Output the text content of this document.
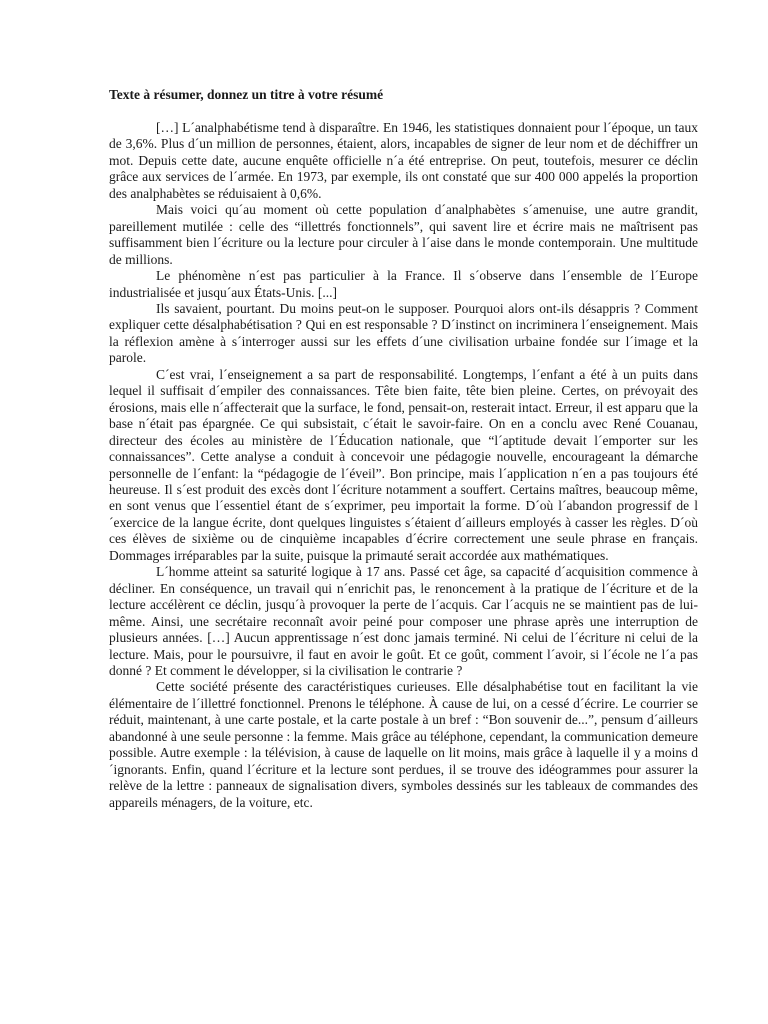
Texte à résumer, donnez un titre à votre résumé

[…] L´analphabétisme tend à disparaître. En 1946, les statistiques donnaient pour l´époque, un taux de 3,6%. Plus d´un million de personnes, étaient, alors, incapables de signer de leur nom et de déchiffrer un mot. Depuis cette date, aucune enquête officielle n´a été entreprise. On peut, toutefois, mesurer ce déclin grâce aux services de l´armée. En 1973, par exemple, ils ont constaté que sur 400 000 appelés la proportion des analphabètes se réduisaient à 0,6%.

Mais voici qu´au moment où cette population d´analphabètes s´amenuise, une autre grandit, pareillement mutilée : celle des “illettrés fonctionnels”, qui savent lire et écrire mais ne maîtrisent pas suffisamment bien l´écriture ou la lecture pour circuler à l´aise dans le monde contemporain. Une multitude de millions.

Le phénomène n´est pas particulier à la France. Il s´observe dans l´ensemble de l´Europe industrialisée et jusqu´aux États-Unis. [...]

Ils savaient, pourtant. Du moins peut-on le supposer. Pourquoi alors ont-ils désappris ? Comment expliquer cette désalphabétisation ? Qui en est responsable ? D´instinct on incriminera l´enseignement. Mais la réflexion amène à s´interroger aussi sur les effets d´une civilisation urbaine fondée sur l´image et la parole.

C´est vrai, l´enseignement a sa part de responsabilité. Longtemps, l´enfant a été à un puits dans lequel il suffisait d´empiler des connaissances. Tête bien faite, tête bien pleine. Certes, on prévoyait des érosions, mais elle n´affecterait que la surface, le fond, pensait-on, resterait intact. Erreur, il est apparu que la base n´était pas épargnée. Ce qui subsistait, c´était le savoir-faire. On en a conclu avec René Couanau, directeur des écoles au ministère de l´Éducation nationale, que “l´aptitude devait l´emporter sur les connaissances”. Cette analyse a conduit à concevoir une pédagogie nouvelle, encourageant la démarche personnelle de l´enfant: la “pédagogie de l´éveil”. Bon principe, mais l´application n´en a pas toujours été heureuse. Il s´est produit des excès dont l´écriture notamment a souffert. Certains maîtres, beaucoup même, en sont venus que l´essentiel étant de s´exprimer, peu importait la forme. D´où l´abandon progressif de l´exercice de la langue écrite, dont quelques linguistes s´étaient d´ailleurs employés à casser les règles. D´où ces élèves de sixième ou de cinquième incapables d´écrire correctement une seule phrase en français. Dommages irréparables par la suite, puisque la primauté serait accordée aux mathématiques.

L´homme atteint sa saturité logique à 17 ans. Passé cet âge, sa capacité d´acquisition commence à décliner. En conséquence, un travail qui n´enrichit pas, le renoncement à la pratique de l´écriture et de la lecture accélèrent ce déclin, jusqu´à provoquer la perte de l´acquis. Car l´acquis ne se maintient pas de lui-même. Ainsi, une secrétaire reconnaît avoir peiné pour composer une phrase après une interruption de plusieurs années. […] Aucun apprentissage n´est donc jamais terminé. Ni celui de l´écriture ni celui de la lecture. Mais, pour le poursuivre, il faut en avoir le goût. Et ce goût, comment l´avoir, si l´école ne l´a pas donné ? Et comment le développer, si la civilisation le contrarie ?

Cette société présente des caractéristiques curieuses. Elle désalphabétise tout en facilitant la vie élémentaire de l´illettré fonctionnel. Prenons le téléphone. À cause de lui, on a cessé d´écrire. Le courrier se réduit, maintenant, à une carte postale, et la carte postale à un bref : “Bon souvenir de...”, pensum d´ailleurs abandonné à une seule personne : la femme. Mais grâce au téléphone, cependant, la communication demeure possible. Autre exemple : la télévision, à cause de laquelle on lit moins, mais grâce à laquelle il y a moins d´ignorants. Enfin, quand l´écriture et la lecture sont perdues, il se trouve des idéogrammes pour assurer la relève de la lettre : panneaux de signalisation divers, symboles dessinés sur les tableaux de commandes des appareils ménagers, de la voiture, etc.
